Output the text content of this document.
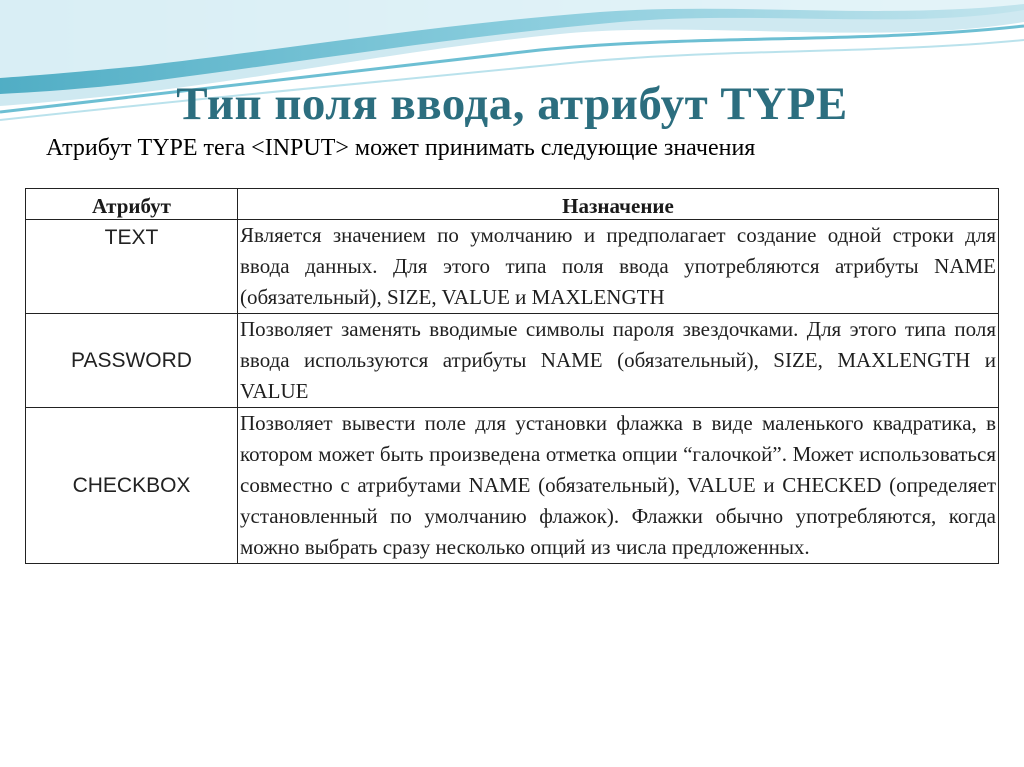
Тип поля ввода, атрибут TYPE

Атрибут TYPE тега <INPUT> может принимать следующие значения

Атрибут	Назначение
TEXT	Является значением по умолчанию и предполагает создание одной строки для ввода данных. Для этого типа поля ввода употребляются атрибуты NAME (обязательный), SIZE, VALUE и MAXLENGTH
PASSWORD	Позволяет заменять вводимые символы пароля звездочками. Для этого типа поля ввода используются атрибуты NAME (обязательный), SIZE, MAXLENGTH и VALUE
CHECKBOX	Позволяет вывести поле для установки флажка в виде маленького квадратика, в котором может быть произведена отметка опции “галочкой”. Может использоваться совместно с атрибутами NAME (обязательный), VALUE и CHECKED (определяет установленный по умолчанию флажок). Флажки обычно употребляются, когда можно выбрать сразу несколько опций из числа предложенных.
